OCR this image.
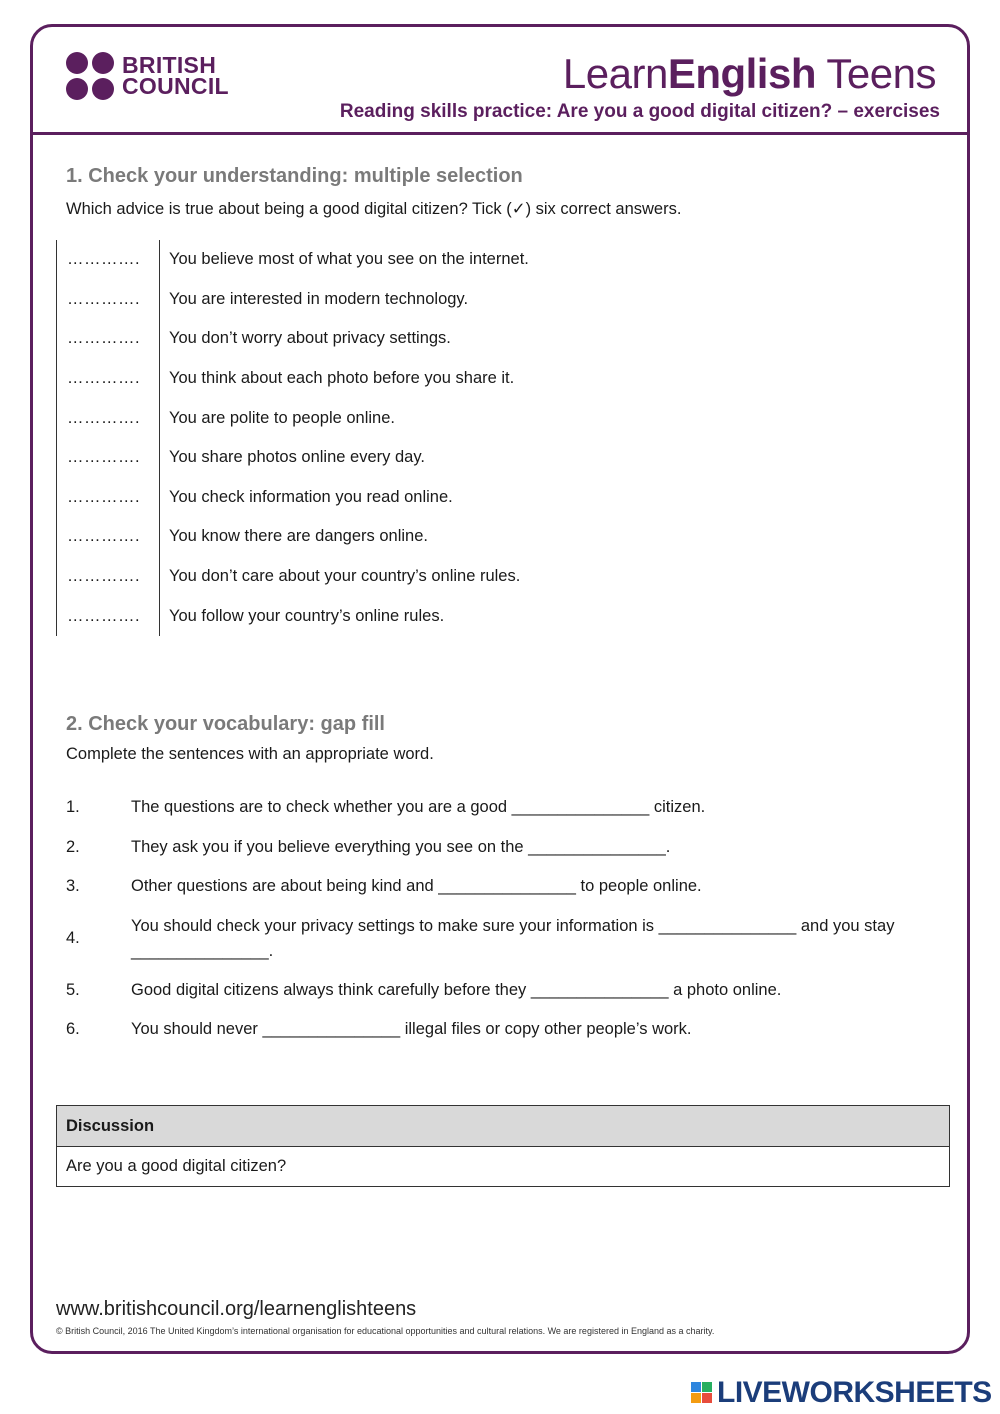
BRITISH
COUNCIL	LearnEnglish Teens
Reading skills practice: Are you a good digital citizen? – exercises
1. Check your understanding: multiple selection
Which advice is true about being a good digital citizen? Tick (✓) six correct answers.
………….	You believe most of what you see on the internet.
………….	You are interested in modern technology.
………….	You don’t worry about privacy settings.
………….	You think about each photo before you share it.
………….	You are polite to people online.
………….	You share photos online every day.
………….	You check information you read online.
………….	You know there are dangers online.
………….	You don’t care about your country’s online rules.
………….	You follow your country’s online rules.
2. Check your vocabulary: gap fill
Complete the sentences with an appropriate word.
1.	The questions are to check whether you are a good _______________ citizen.
2.	They ask you if you believe everything you see on the _______________.
3.	Other questions are about being kind and _______________ to people online.
4.
You should check your privacy settings to make sure your information is _______________ and you stay _______________.
5.	Good digital citizens always think carefully before they _______________ a photo online.
6.	You should never _______________ illegal files or copy other people’s work.
Discussion
Are you a good digital citizen?
www.britishcouncil.org/learnenglishteens
© British Council, 2016 The United Kingdom’s international organisation for educational opportunities and cultural relations. We are registered in England as a charity.
LIVEWORKSHEETS
